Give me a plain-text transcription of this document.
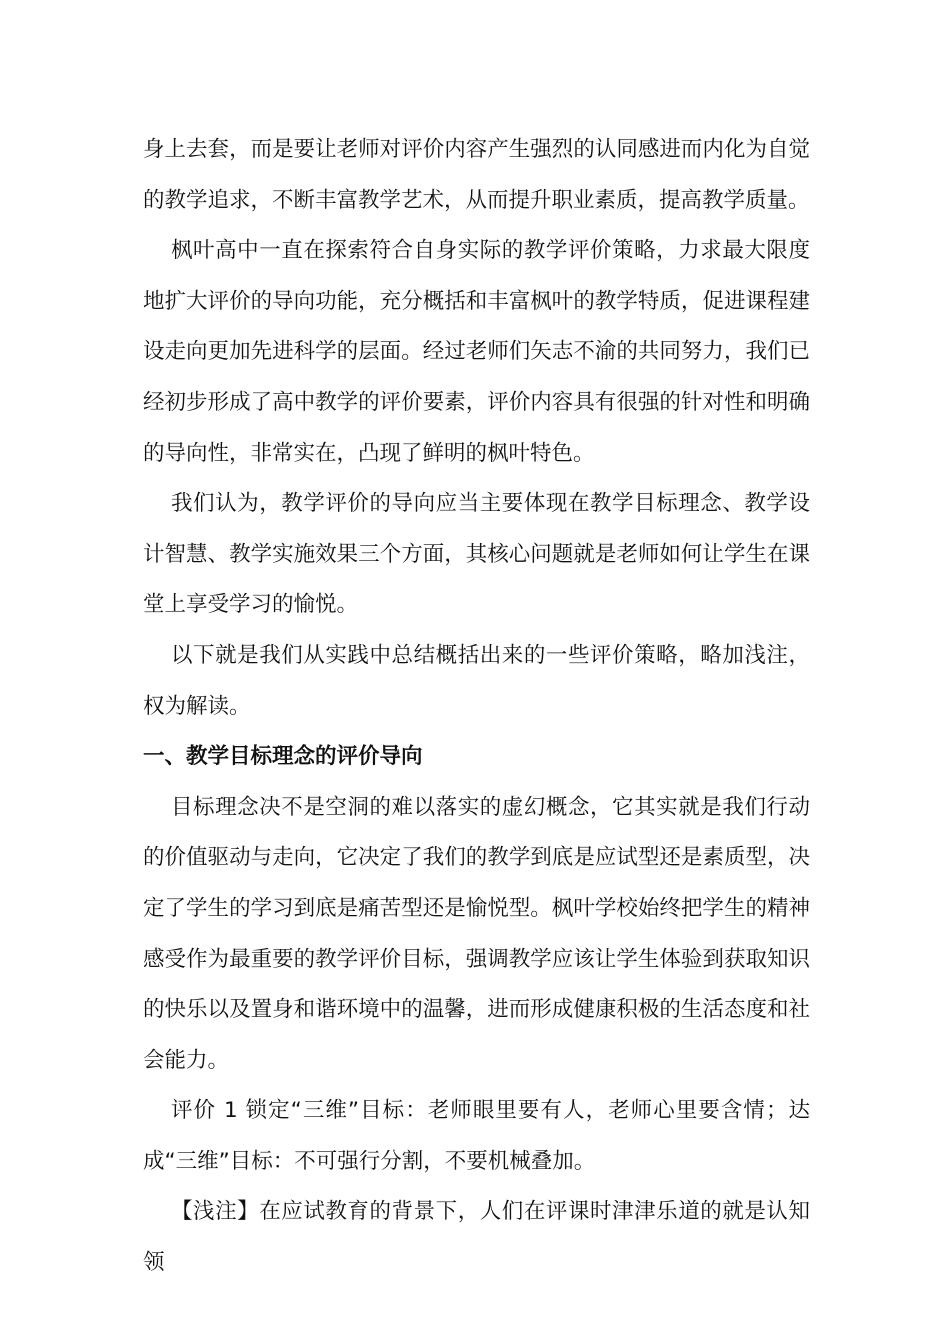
身上去套，而是要让老师对评价内容产生强烈的认同感进而内化为自觉的教学追求，不断丰富教学艺术，从而提升职业素质，提高教学质量。

枫叶高中一直在探索符合自身实际的教学评价策略，力求最大限度地扩大评价的导向功能，充分概括和丰富枫叶的教学特质，促进课程建设走向更加先进科学的层面。经过老师们矢志不渝的共同努力，我们已经初步形成了高中教学的评价要素，评价内容具有很强的针对性和明确的导向性，非常实在，凸现了鲜明的枫叶特色。

我们认为，教学评价的导向应当主要体现在教学目标理念、教学设计智慧、教学实施效果三个方面，其核心问题就是老师如何让学生在课堂上享受学习的愉悦。

以下就是我们从实践中总结概括出来的一些评价策略，略加浅注，权为解读。

一、教学目标理念的评价导向

目标理念决不是空洞的难以落实的虚幻概念，它其实就是我们行动的价值驱动与走向，它决定了我们的教学到底是应试型还是素质型，决定了学生的学习到底是痛苦型还是愉悦型。枫叶学校始终把学生的精神感受作为最重要的教学评价目标，强调教学应该让学生体验到获取知识的快乐以及置身和谐环境中的温馨，进而形成健康积极的生活态度和社会能力。

评价 1 锁定“三维”目标：老师眼里要有人，老师心里要含情；达成“三维”目标：不可强行分割，不要机械叠加。

【浅注】在应试教育的背景下，人们在评课时津津乐道的就是认知领
